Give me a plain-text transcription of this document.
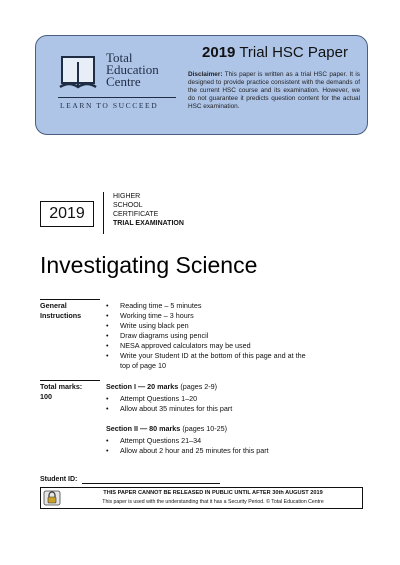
Total
Education
Centre
LEARN TO SUCCEED
2019 Trial HSC Paper
Disclaimer: This paper is written as a trial HSC paper. It is designed to provide practice consistent with the demands of the current HSC course and its examination. However, we do not guarantee it predicts question content for the actual HSC examination.
2019
HIGHER
SCHOOL
CERTIFICATE
TRIAL EXAMINATION
Investigating Science
General
Instructions
• Reading time – 5 minutes
• Working time – 3 hours
• Write using black pen
• Draw diagrams using pencil
• NESA approved calculators may be used
• Write your Student ID at the bottom of this page and at the
top of page 10
Total marks:
100
Section I — 20 marks (pages 2-9)
• Attempt Questions 1–20
• Allow about 35 minutes for this part
Section II — 80 marks (pages 10-25)
• Attempt Questions 21–34
• Allow about 2 hour and 25 minutes for this part
Student ID:
THIS PAPER CANNOT BE RELEASED IN PUBLIC UNTIL AFTER 30th AUGUST 2019
This paper is used with the understanding that it has a Security Period. © Total Education Centre
